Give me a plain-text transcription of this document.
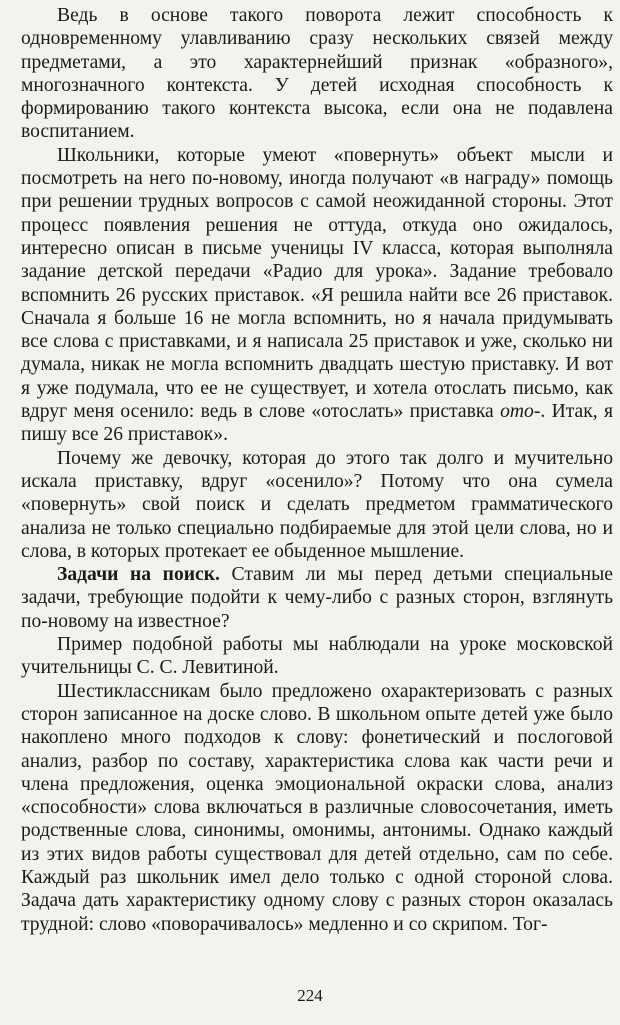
Ведь в основе такого поворота лежит способность к одновременному улавливанию сразу нескольких связей между предметами, а это характернейший признак «образного», многозначного контекста. У детей исходная способность к формированию такого контекста высока, если она не подавлена воспитанием.

Школьники, которые умеют «повернуть» объект мысли и посмотреть на него по-новому, иногда получают «в награду» помощь при решении трудных вопросов с самой неожиданной стороны. Этот процесс появления решения не оттуда, откуда оно ожидалось, интересно описан в письме ученицы IV класса, которая выполняла задание детской передачи «Радио для урока». Задание требовало вспомнить 26 русских приставок. «Я решила найти все 26 приставок. Сначала я больше 16 не могла вспомнить, но я начала придумывать все слова с приставками, и я написала 25 приставок и уже, сколько ни думала, никак не могла вспомнить двадцать шестую приставку. И вот я уже подумала, что ее не существует, и хотела отослать письмо, как вдруг меня осенило: ведь в слове «отослать» приставка ото-. Итак, я пишу все 26 приставок».

Почему же девочку, которая до этого так долго и мучительно искала приставку, вдруг «осенило»? Потому что она сумела «повернуть» свой поиск и сделать предметом грамматического анализа не только специально подбираемые для этой цели слова, но и слова, в которых протекает ее обыденное мышление.

Задачи на поиск. Ставим ли мы перед детьми специальные задачи, требующие подойти к чему-либо с разных сторон, взглянуть по-новому на известное?

Пример подобной работы мы наблюдали на уроке московской учительницы С. С. Левитиной.

Шестиклассникам было предложено охарактеризовать с разных сторон записанное на доске слово. В школьном опыте детей уже было накоплено много подходов к слову: фонетический и послоговой анализ, разбор по составу, характеристика слова как части речи и члена предложения, оценка эмоциональной окраски слова, анализ «способности» слова включаться в различные словосочетания, иметь родственные слова, синонимы, омонимы, антонимы. Однако каждый из этих видов работы существовал для детей отдельно, сам по себе. Каждый раз школьник имел дело только с одной стороной слова. Задача дать характеристику одному слову с разных сторон оказалась трудной: слово «поворачивалось» медленно и со скрипом. Тог-

224
